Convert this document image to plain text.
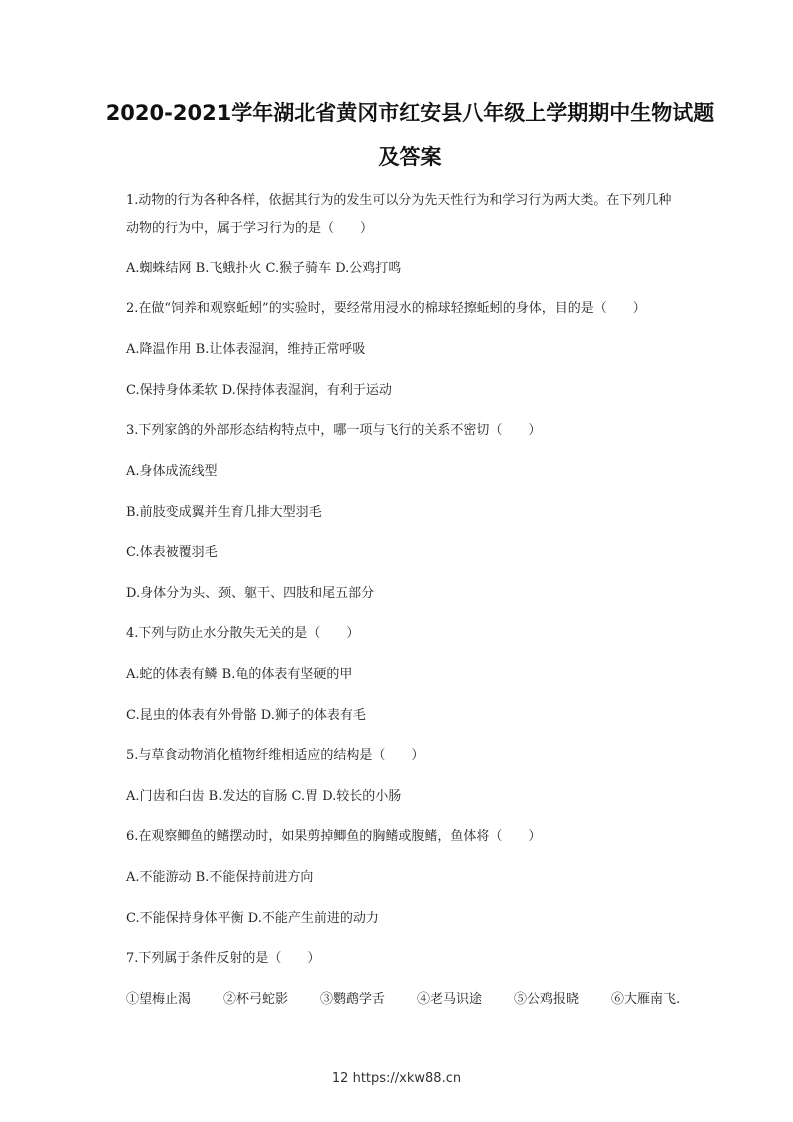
2020-2021学年湖北省黄冈市红安县八年级上学期期中生物试题
及答案
1.动物的行为各种各样，依据其行为的发生可以分为先天性行为和学习行为两大类。在下列几种
动物的行为中，属于学习行为的是（　　）
A.蜘蛛结网 B.飞蛾扑火 C.猴子骑车 D.公鸡打鸣
2.在做“饲养和观察蚯蚓”的实验时，要经常用浸水的棉球轻擦蚯蚓的身体，目的是（　　）
A.降温作用 B.让体表湿润，维持正常呼吸
C.保持身体柔软 D.保持体表湿润，有利于运动
3.下列家鸽的外部形态结构特点中，哪一项与飞行的关系不密切（　　）
A.身体成流线型
B.前肢变成翼并生育几排大型羽毛
C.体表被覆羽毛
D.身体分为头、颈、躯干、四肢和尾五部分
4.下列与防止水分散失无关的是（　　）
A.蛇的体表有鳞 B.龟的体表有坚硬的甲
C.昆虫的体表有外骨骼 D.狮子的体表有毛
5.与草食动物消化植物纤维相适应的结构是（　　）
A.门齿和臼齿 B.发达的盲肠 C.胃 D.较长的小肠
6.在观察鲫鱼的鳍摆动时，如果剪掉鲫鱼的胸鳍或腹鳍，鱼体将（　　）
A.不能游动 B.不能保持前进方向
C.不能保持身体平衡 D.不能产生前进的动力
7.下列属于条件反射的是（　　）
①望梅止渴 ②杯弓蛇影 ③鹦鹉学舌 ④老马识途 ⑤公鸡报晓 ⑥大雁南飞.
12 https://xkw88.cn
